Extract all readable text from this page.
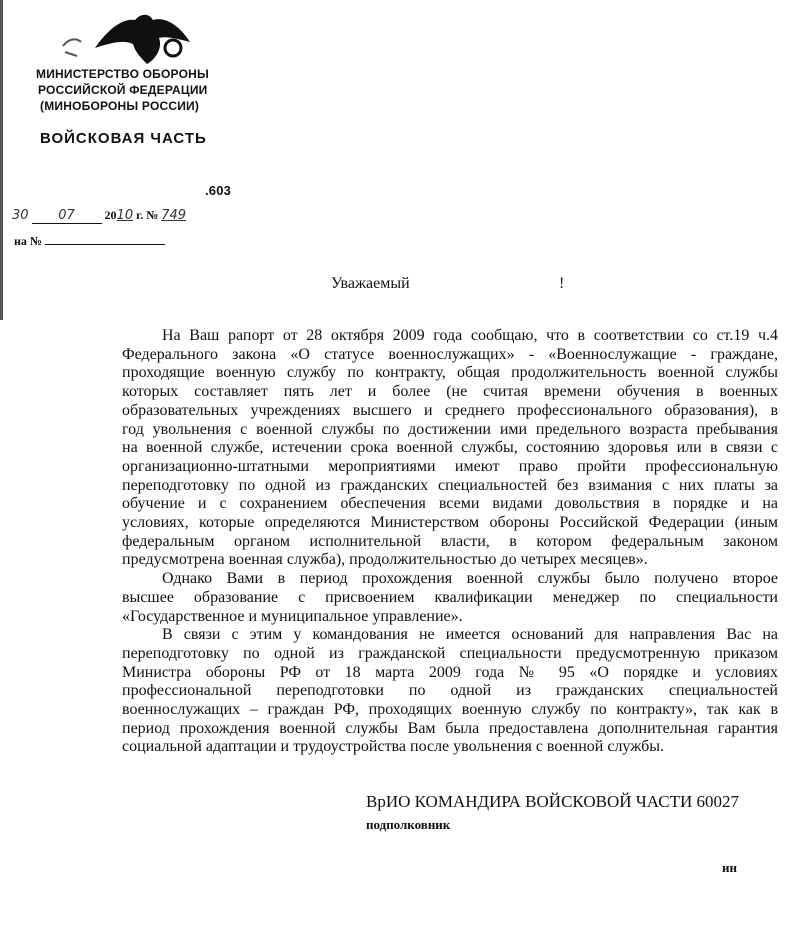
МИНИСТЕРСТВО ОБОРОНЫ
РОССИЙСКОЙ ФЕДЕРАЦИИ
(МИНОБОРОНЫ РОССИИ)
ВОЙСКОВАЯ ЧАСТЬ
.603
30 07 2010 г. № 749
на №
Уважаемый	!
На Ваш рапорт от 28 октября 2009 года сообщаю, что в соответствии со ст.19 ч.4
Федерального закона «О статусе военнослужащих» - «Военнослужащие - граждане,
проходящие военную службу по контракту, общая продолжительность военной службы
которых составляет пять лет и более (не считая времени обучения в военных
образовательных учреждениях высшего и среднего профессионального образования), в
год увольнения с военной службы по достижении ими предельного возраста пребывания
на военной службе, истечении срока военной службы, состоянию здоровья или в связи с
организационно-штатными мероприятиями имеют право пройти профессиональную
переподготовку по одной из гражданских специальностей без взимания с них платы за
обучение и с сохранением обеспечения всеми видами довольствия в порядке и на
условиях, которые определяются Министерством обороны Российской Федерации (иным
федеральным органом исполнительной власти, в котором федеральным законом
предусмотрена военная служба), продолжительностью до четырех месяцев».
Однако Вами в период прохождения военной службы было получено второе
высшее образование с присвоением квалификации менеджер по специальности
«Государственное и муниципальное управление».
В связи с этим у командования не имеется оснований для направления Вас на
переподготовку по одной из гражданской специальности предусмотренную приказом
Министра обороны РФ от 18 марта 2009 года № 95 «О порядке и условиях
профессиональной переподготовки по одной из гражданских специальностей
военнослужащих – граждан РФ, проходящих военную службу по контракту», так как в
период прохождения военной службы Вам была предоставлена дополнительная гарантия
социальной адаптации и трудоустройства после увольнения с военной службы.
ВрИО КОМАНДИРА ВОЙСКОВОЙ ЧАСТИ 60027
подполковник
ин
